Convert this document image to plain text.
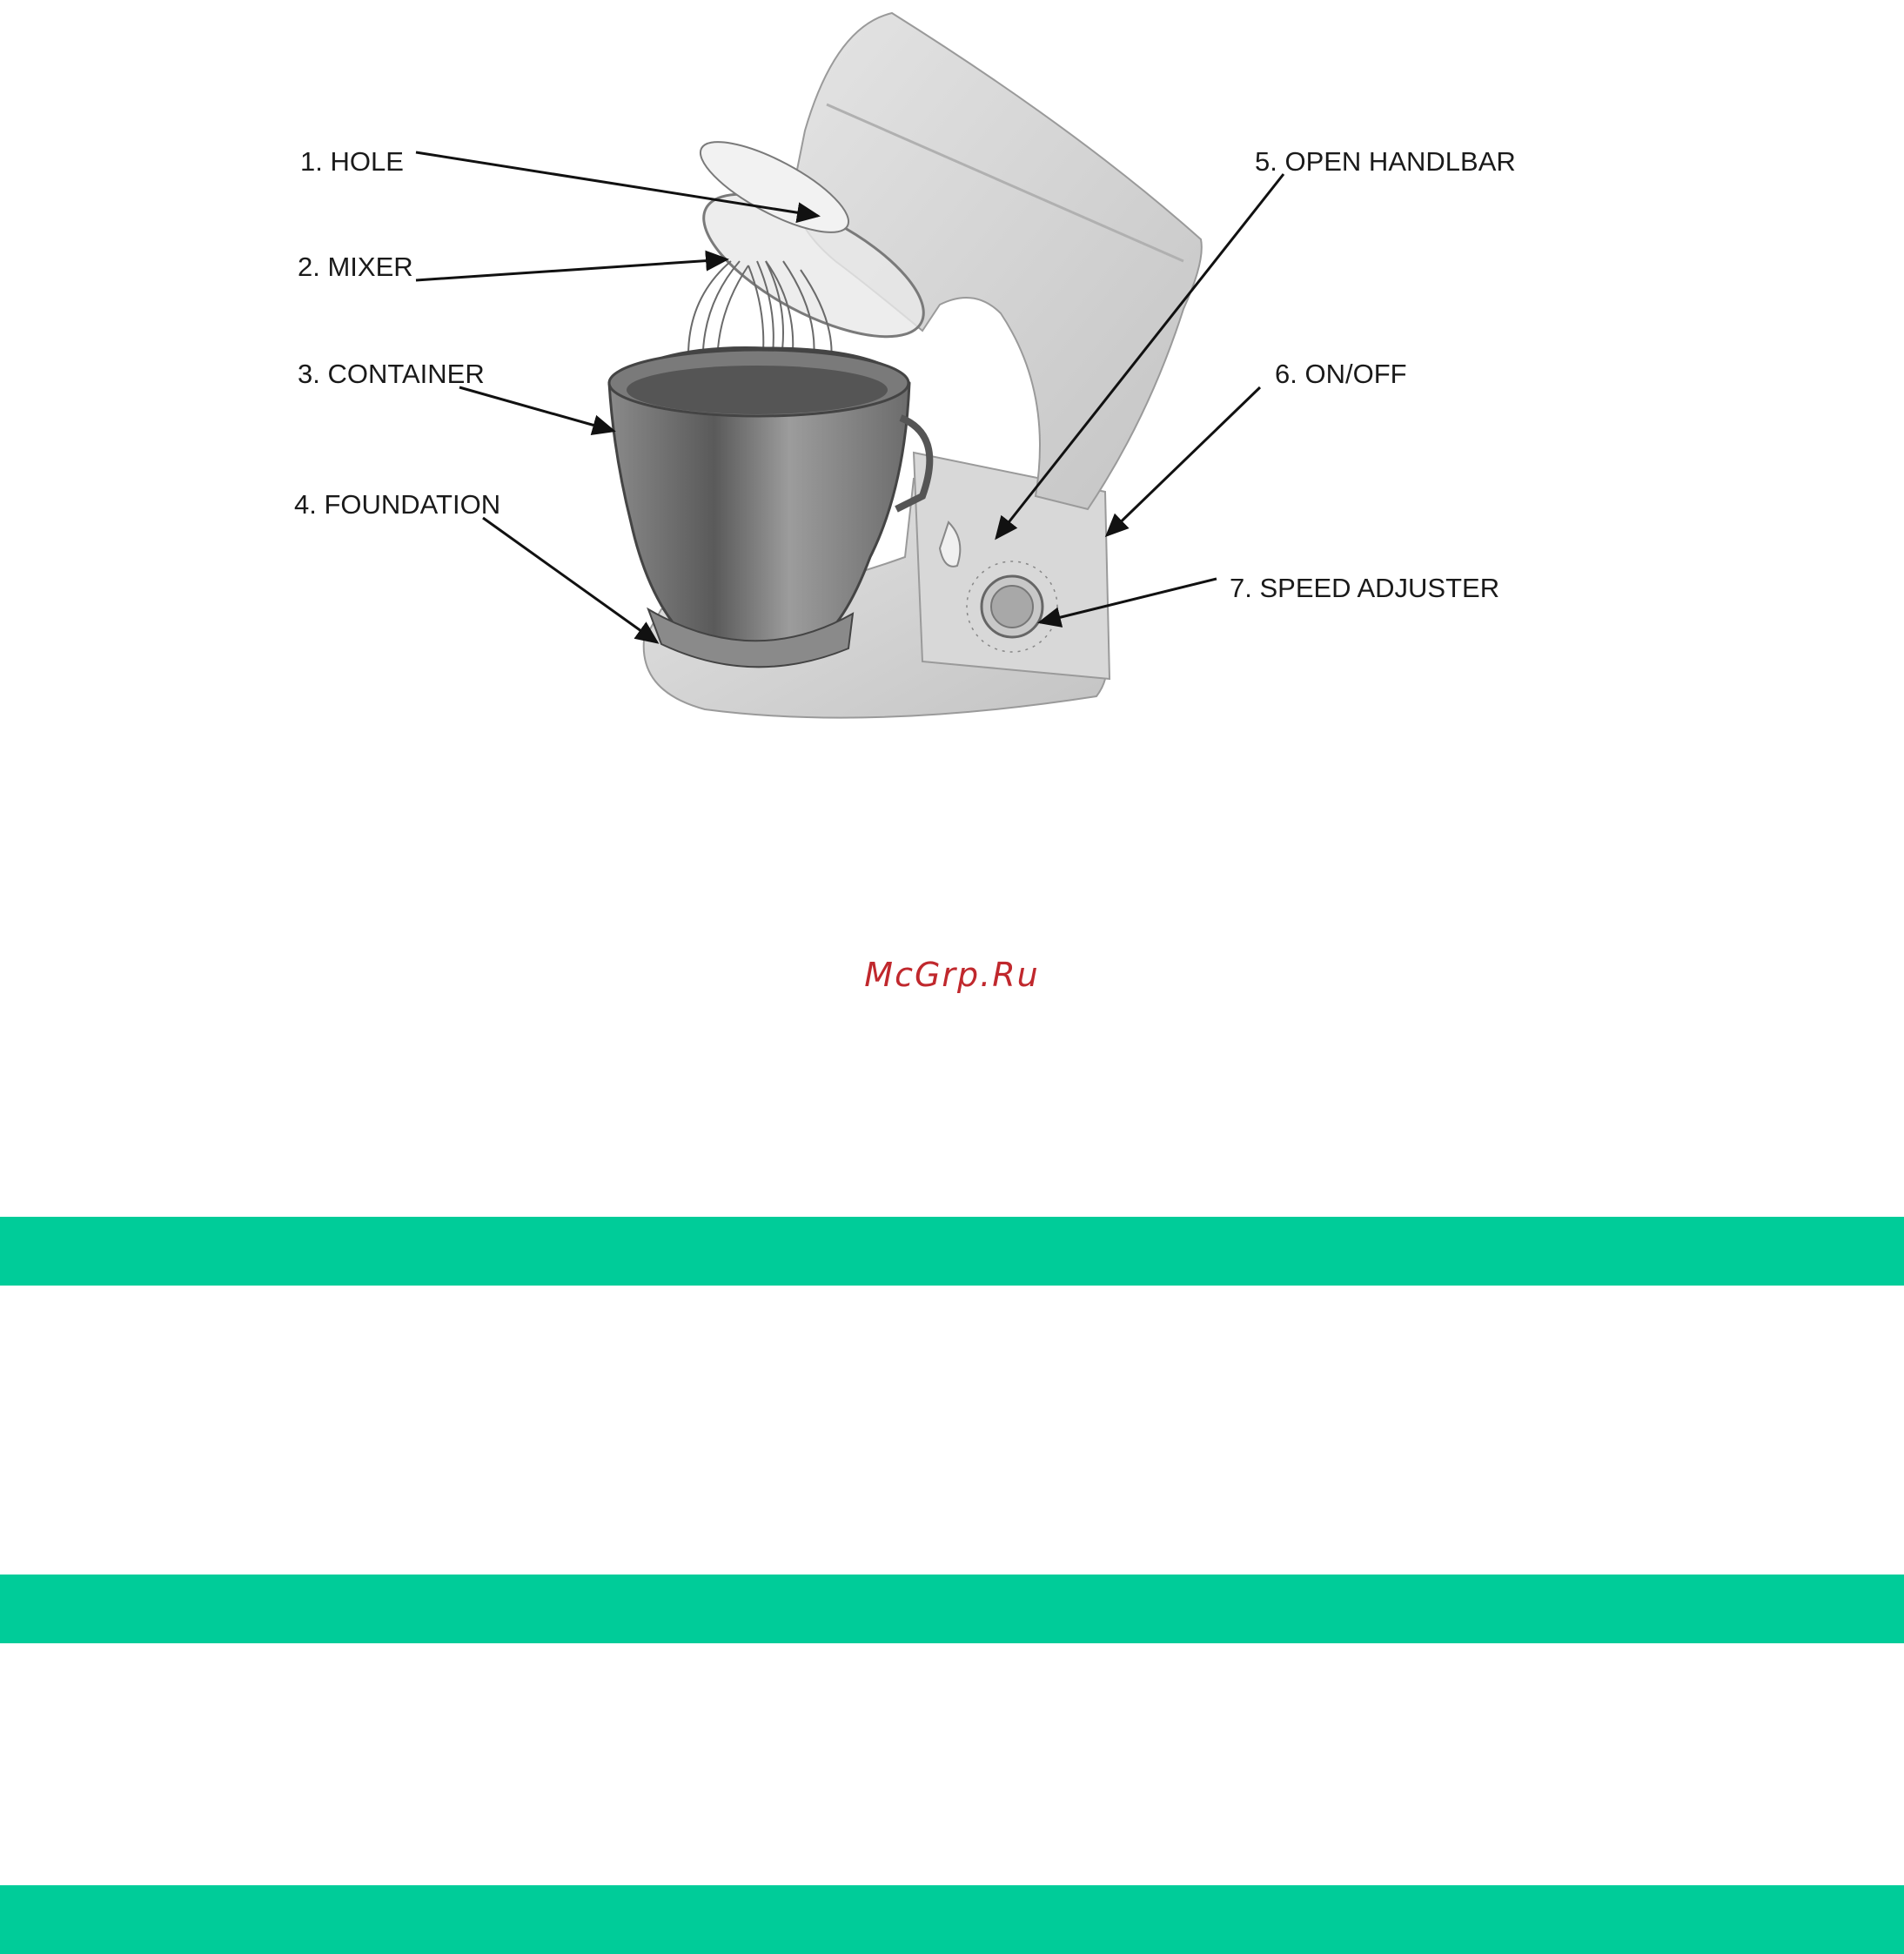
1. HOLE
2. MIXER
3. CONTAINER
4. FOUNDATION
5. OPEN HANDLBAR
6. ON/OFF
7. SPEED ADJUSTER
McGrp.Ru
